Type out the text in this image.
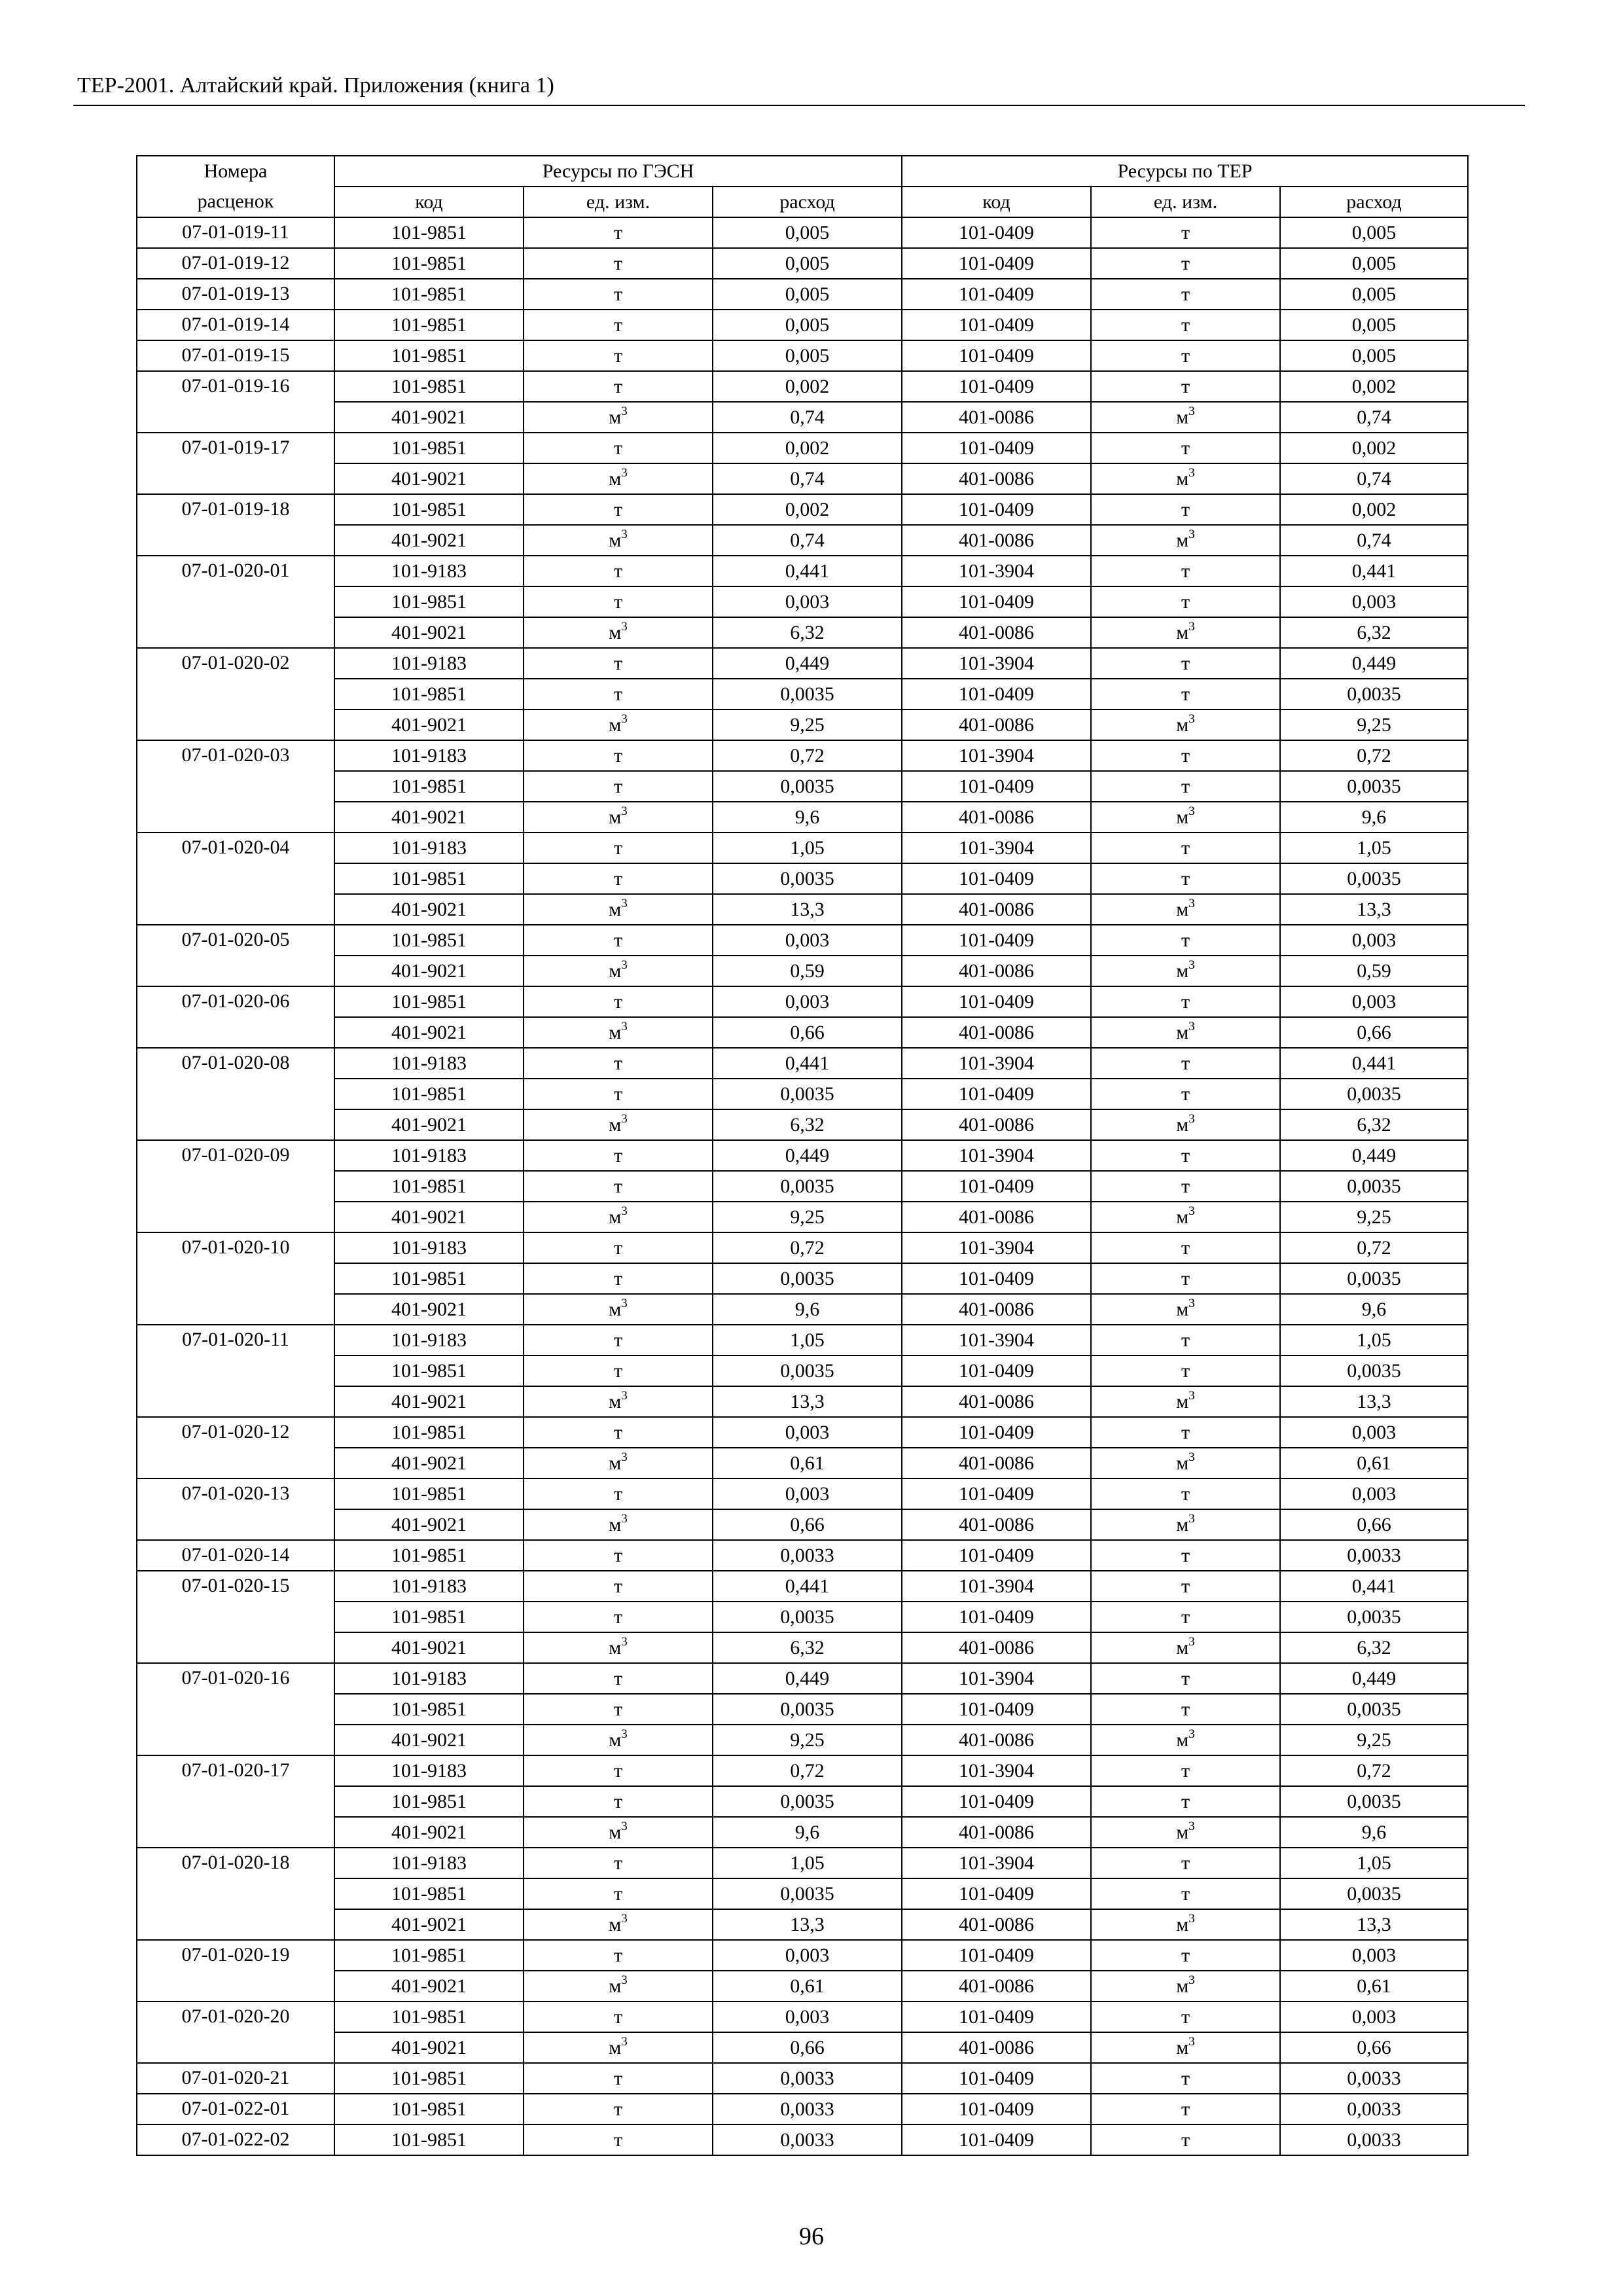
ТЕР-2001. Алтайский край. Приложения (книга 1)
Номера	Ресурсы по ГЭСН			Ресурсы по ТЕР		
расценок	код	ед. изм.	расход	код	ед. изм.	расход
07-01-019-11	101-9851	т	0,005	101-0409	т	0,005
07-01-019-12	101-9851	т	0,005	101-0409	т	0,005
07-01-019-13	101-9851	т	0,005	101-0409	т	0,005
07-01-019-14	101-9851	т	0,005	101-0409	т	0,005
07-01-019-15	101-9851	т	0,005	101-0409	т	0,005
07-01-019-16	101-9851	т	0,002	101-0409	т	0,002
	401-9021	$м^3$	0,74	401-0086	$м^3$	0,74
07-01-019-17	101-9851	т	0,002	101-0409	т	0,002
	401-9021	$м^3$	0,74	401-0086	$м^3$	0,74
07-01-019-18	101-9851	т	0,002	101-0409	т	0,002
	401-9021	$м^3$	0,74	401-0086	$м^3$	0,74
07-01-020-01	101-9183	т	0,441	101-3904	т	0,441
	101-9851	т	0,003	101-0409	т	0,003
	401-9021	$м^3$	6,32	401-0086	$м^3$	6,32
07-01-020-02	101-9183	т	0,449	101-3904	т	0,449
	101-9851	т	0,0035	101-0409	т	0,0035
	401-9021	$м^3$	9,25	401-0086	$м^3$	9,25
07-01-020-03	101-9183	т	0,72	101-3904	т	0,72
	101-9851	т	0,0035	101-0409	т	0,0035
	401-9021	$м^3$	9,6	401-0086	$м^3$	9,6
07-01-020-04	101-9183	т	1,05	101-3904	т	1,05
	101-9851	т	0,0035	101-0409	т	0,0035
	401-9021	$м^3$	13,3	401-0086	$м^3$	13,3
07-01-020-05	101-9851	т	0,003	101-0409	т	0,003
	401-9021	$м^3$	0,59	401-0086	$м^3$	0,59
07-01-020-06	101-9851	т	0,003	101-0409	т	0,003
	401-9021	$м^3$	0,66	401-0086	$м^3$	0,66
07-01-020-08	101-9183	т	0,441	101-3904	т	0,441
	101-9851	т	0,0035	101-0409	т	0,0035
	401-9021	$м^3$	6,32	401-0086	$м^3$	6,32
07-01-020-09	101-9183	т	0,449	101-3904	т	0,449
	101-9851	т	0,0035	101-0409	т	0,0035
	401-9021	$м^3$	9,25	401-0086	$м^3$	9,25
07-01-020-10	101-9183	т	0,72	101-3904	т	0,72
	101-9851	т	0,0035	101-0409	т	0,0035
	401-9021	$м^3$	9,6	401-0086	$м^3$	9,6
07-01-020-11	101-9183	т	1,05	101-3904	т	1,05
	101-9851	т	0,0035	101-0409	т	0,0035
	401-9021	$м^3$	13,3	401-0086	$м^3$	13,3
07-01-020-12	101-9851	т	0,003	101-0409	т	0,003
	401-9021	$м^3$	0,61	401-0086	$м^3$	0,61
07-01-020-13	101-9851	т	0,003	101-0409	т	0,003
	401-9021	$м^3$	0,66	401-0086	$м^3$	0,66
07-01-020-14	101-9851	т	0,0033	101-0409	т	0,0033
07-01-020-15	101-9183	т	0,441	101-3904	т	0,441
	101-9851	т	0,0035	101-0409	т	0,0035
	401-9021	$м^3$	6,32	401-0086	$м^3$	6,32
07-01-020-16	101-9183	т	0,449	101-3904	т	0,449
	101-9851	т	0,0035	101-0409	т	0,0035
	401-9021	$м^3$	9,25	401-0086	$м^3$	9,25
07-01-020-17	101-9183	т	0,72	101-3904	т	0,72
	101-9851	т	0,0035	101-0409	т	0,0035
	401-9021	$м^3$	9,6	401-0086	$м^3$	9,6
07-01-020-18	101-9183	т	1,05	101-3904	т	1,05
	101-9851	т	0,0035	101-0409	т	0,0035
	401-9021	$м^3$	13,3	401-0086	$м^3$	13,3
07-01-020-19	101-9851	т	0,003	101-0409	т	0,003
	401-9021	$м^3$	0,61	401-0086	$м^3$	0,61
07-01-020-20	101-9851	т	0,003	101-0409	т	0,003
	401-9021	$м^3$	0,66	401-0086	$м^3$	0,66
07-01-020-21	101-9851	т	0,0033	101-0409	т	0,0033
07-01-022-01	101-9851	т	0,0033	101-0409	т	0,0033
07-01-022-02	101-9851	т	0,0033	101-0409	т	0,0033
96
